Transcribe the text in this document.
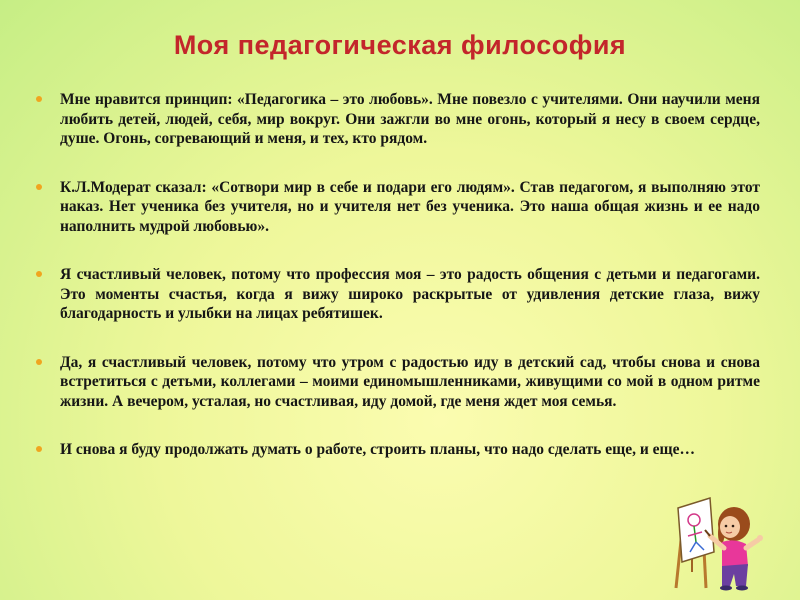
Моя педагогическая философия
Мне нравится принцип: «Педагогика – это любовь». Мне повезло с учителями. Они научили меня любить детей, людей, себя, мир вокруг. Они зажгли во мне огонь, который я несу в своем сердце, душе. Огонь, согревающий и меня, и тех, кто рядом.
К.Л.Модерат сказал: «Сотвори мир в себе и подари его людям». Став педагогом, я выполняю этот наказ. Нет ученика без учителя, но и учителя нет без ученика. Это наша общая жизнь и ее надо наполнить мудрой любовью».
Я счастливый человек, потому что профессия моя – это радость общения с детьми и педагогами. Это моменты счастья, когда я вижу широко раскрытые от удивления детские глаза, вижу благодарность и улыбки на лицах ребятишек.
Да, я счастливый человек, потому что утром с радостью иду в детский сад, чтобы снова и снова встретиться с детьми, коллегами – моими единомышленниками, живущими со мой в одном ритме жизни. А вечером, усталая, но счастливая, иду домой, где меня ждет моя семья.
И снова я буду продолжать думать о работе, строить планы, что надо сделать еще, и еще…
